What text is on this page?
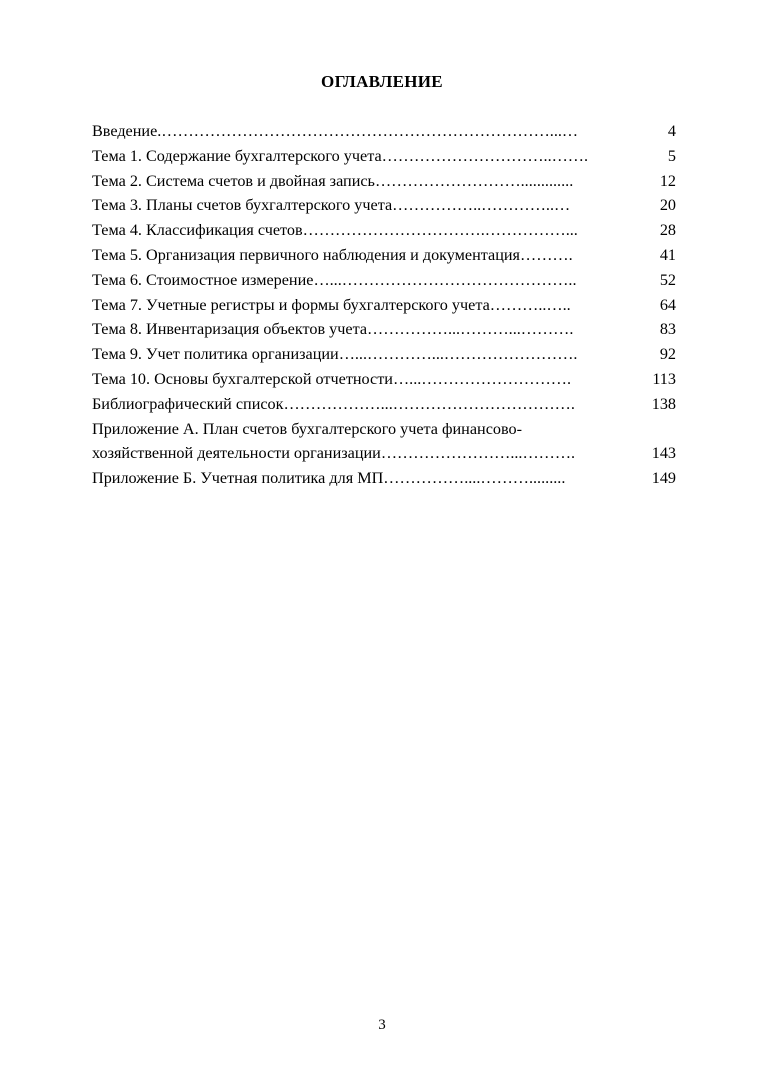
ОГЛАВЛЕНИЕ
Введение.………………………………………………………………...…	4
Тема 1. Содержание бухгалтерского учета…………………………..…….	5
Тема 2. Система счетов и двойная запись……………………….............	12
Тема 3. Планы счетов бухгалтерского учета……………..…………..…	20
Тема 4. Классификация счетов…………………………….……………...	28
Тема 5. Организация первичного наблюдения и документация……….	41
Тема 6. Стоимостное измерение…...……………………………………..	52
Тема 7. Учетные регистры и формы бухгалтерского учета………..…..	64
Тема 8. Инвентаризация объектов учета……………...………...……….	83
Тема 9. Учет политика организации…...…………...…………………….	92
Тема 10. Основы бухгалтерской отчетности…...……………………….	113
Библиографический список………………...…………………………….	138
Приложение А. План счетов бухгалтерского учета финансово-
хозяйственной деятельности организации……………………...……….	143
Приложение Б. Учетная политика для МП……………....……….........	149
3
